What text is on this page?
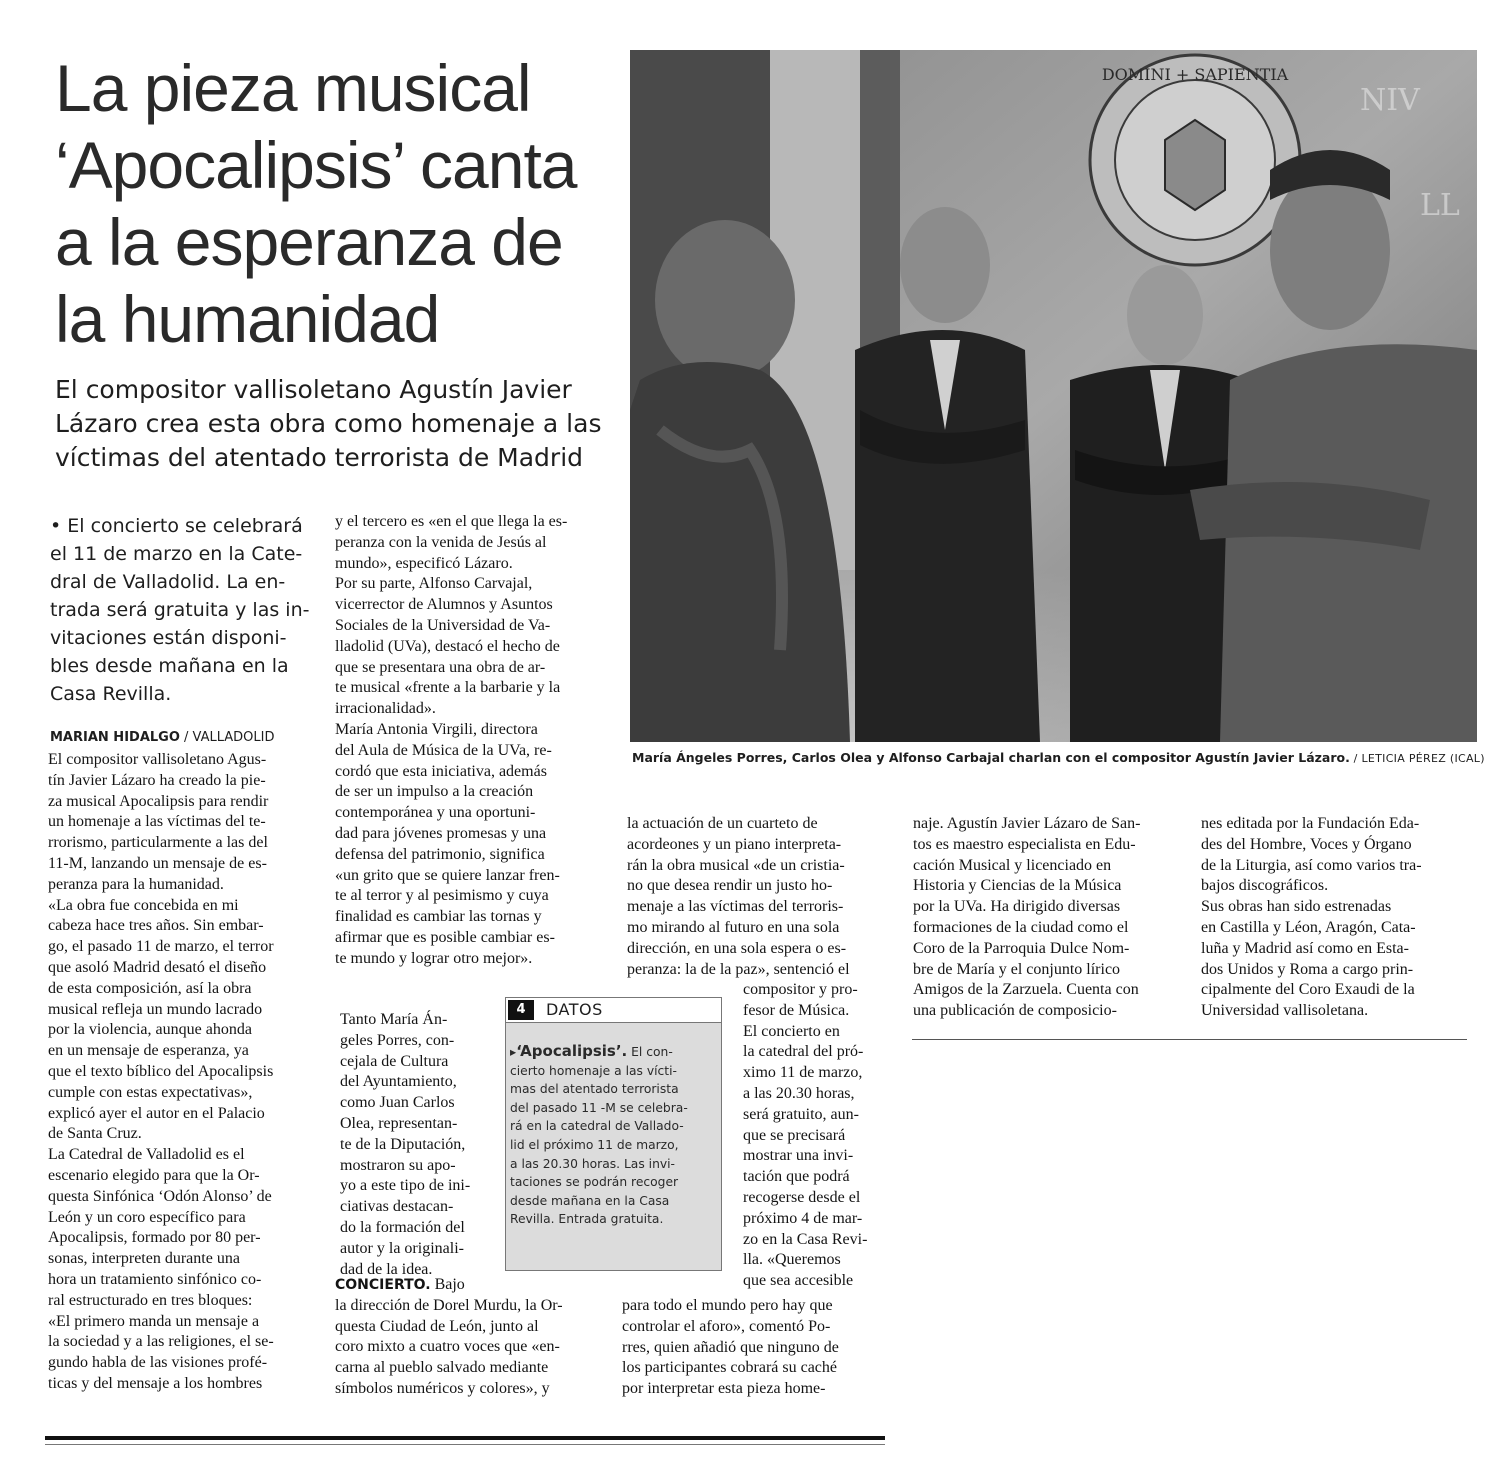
La pieza musical
‘Apocalipsis’ canta
a la esperanza de
la humanidad
El compositor vallisoletano Agustín Javier
Lázaro crea esta obra como homenaje a las
víctimas del atentado terrorista de Madrid
• El concierto se celebrará
el 11 de marzo en la Cate-
dral de Valladolid. La en-
trada será gratuita y las in-
vitaciones están disponi-
bles desde mañana en la
Casa Revilla.
MARIAN HIDALGO / VALLADOLID
El compositor vallisoletano Agus-
tín Javier Lázaro ha creado la pie-
za musical Apocalipsis para rendir
un homenaje a las víctimas del te-
rrorismo, particularmente a las del
11-M, lanzando un mensaje de es-
peranza para la humanidad.
«La obra fue concebida en mi
cabeza hace tres años. Sin embar-
go, el pasado 11 de marzo, el terror
que asoló Madrid desató el diseño
de esta composición, así la obra
musical refleja un mundo lacrado
por la violencia, aunque ahonda
en un mensaje de esperanza, ya
que el texto bíblico del Apocalipsis
cumple con estas expectativas»,
explicó ayer el autor en el Palacio
de Santa Cruz.
La Catedral de Valladolid es el
escenario elegido para que la Or-
questa Sinfónica ‘Odón Alonso’ de
León y un coro específico para
Apocalipsis, formado por 80 per-
sonas, interpreten durante una
hora un tratamiento sinfónico co-
ral estructurado en tres bloques:
«El primero manda un mensaje a
la sociedad y a las religiones, el se-
gundo habla de las visiones profé-
ticas y del mensaje a los hombres
y el tercero es «en el que llega la es-
peranza con la venida de Jesús al
mundo», especificó Lázaro.
Por su parte, Alfonso Carvajal,
vicerrector de Alumnos y Asuntos
Sociales de la Universidad de Va-
lladolid (UVa), destacó el hecho de
que se presentara una obra de ar-
te musical «frente a la barbarie y la
irracionalidad».
María Antonia Virgili, directora
del Aula de Música de la UVa, re-
cordó que esta iniciativa, además
de ser un impulso a la creación
contemporánea y una oportuni-
dad para jóvenes promesas y una
defensa del patrimonio, significa
«un grito que se quiere lanzar fren-
te al terror y al pesimismo y cuya
finalidad es cambiar las tornas y
afirmar que es posible cambiar es-
te mundo y lograr otro mejor».
Tanto María Án-
geles Porres, con-
cejala de Cultura
del Ayuntamiento,
como Juan Carlos
Olea, representan-
te de la Diputación,
mostraron su apo-
yo a este tipo de ini-
ciativas destacan-
do la formación del
autor y la originali-
dad de la idea.
CONCIERTO. Bajo
la dirección de Dorel Murdu, la Or-
questa Ciudad de León, junto al
coro mixto a cuatro voces que «en-
carna al pueblo salvado mediante
símbolos numéricos y colores», y
4	DATOS
▸‘Apocalipsis’. El con-
cierto homenaje a las vícti-
mas del atentado terrorista
del pasado 11 -M se celebra-
rá en la catedral de Vallado-
lid el próximo 11 de marzo,
a las 20.30 horas. Las invi-
taciones se podrán recoger
desde mañana en la Casa
Revilla. Entrada gratuita.
la actuación de un cuarteto de
acordeones y un piano interpreta-
rán la obra musical «de un cristia-
no que desea rendir un justo ho-
menaje a las víctimas del terroris-
mo mirando al futuro en una sola
dirección, en una sola espera o es-
peranza: la de la paz», sentenció el
compositor y pro-
fesor de Música.
El concierto en
la catedral del pró-
ximo 11 de marzo,
a las 20.30 horas,
será gratuito, aun-
que se precisará
mostrar una invi-
tación que podrá
recogerse desde el
próximo 4 de mar-
zo en la Casa Revi-
lla. «Queremos
que sea accesible
para todo el mundo pero hay que
controlar el aforo», comentó Po-
rres, quien añadió que ninguno de
los participantes cobrará su caché
por interpretar esta pieza home-
naje. Agustín Javier Lázaro de San-
tos es maestro especialista en Edu-
cación Musical y licenciado en
Historia y Ciencias de la Música
por la UVa. Ha dirigido diversas
formaciones de la ciudad como el
Coro de la Parroquia Dulce Nom-
bre de María y el conjunto lírico
Amigos de la Zarzuela. Cuenta con
una publicación de composicio-
nes editada por la Fundación Eda-
des del Hombre, Voces y Órgano
de la Liturgia, así como varios tra-
bajos discográficos.
Sus obras han sido estrenadas
en Castilla y Léon, Aragón, Cata-
luña y Madrid así como en Esta-
dos Unidos y Roma a cargo prin-
cipalmente del Coro Exaudi de la
Universidad vallisoletana.
DOMINI + SAPIENTIA
NIV
LL
María Ángeles Porres, Carlos Olea y Alfonso Carbajal charlan con el compositor Agustín Javier Lázaro. / LETICIA PÉREZ (ICAL)
